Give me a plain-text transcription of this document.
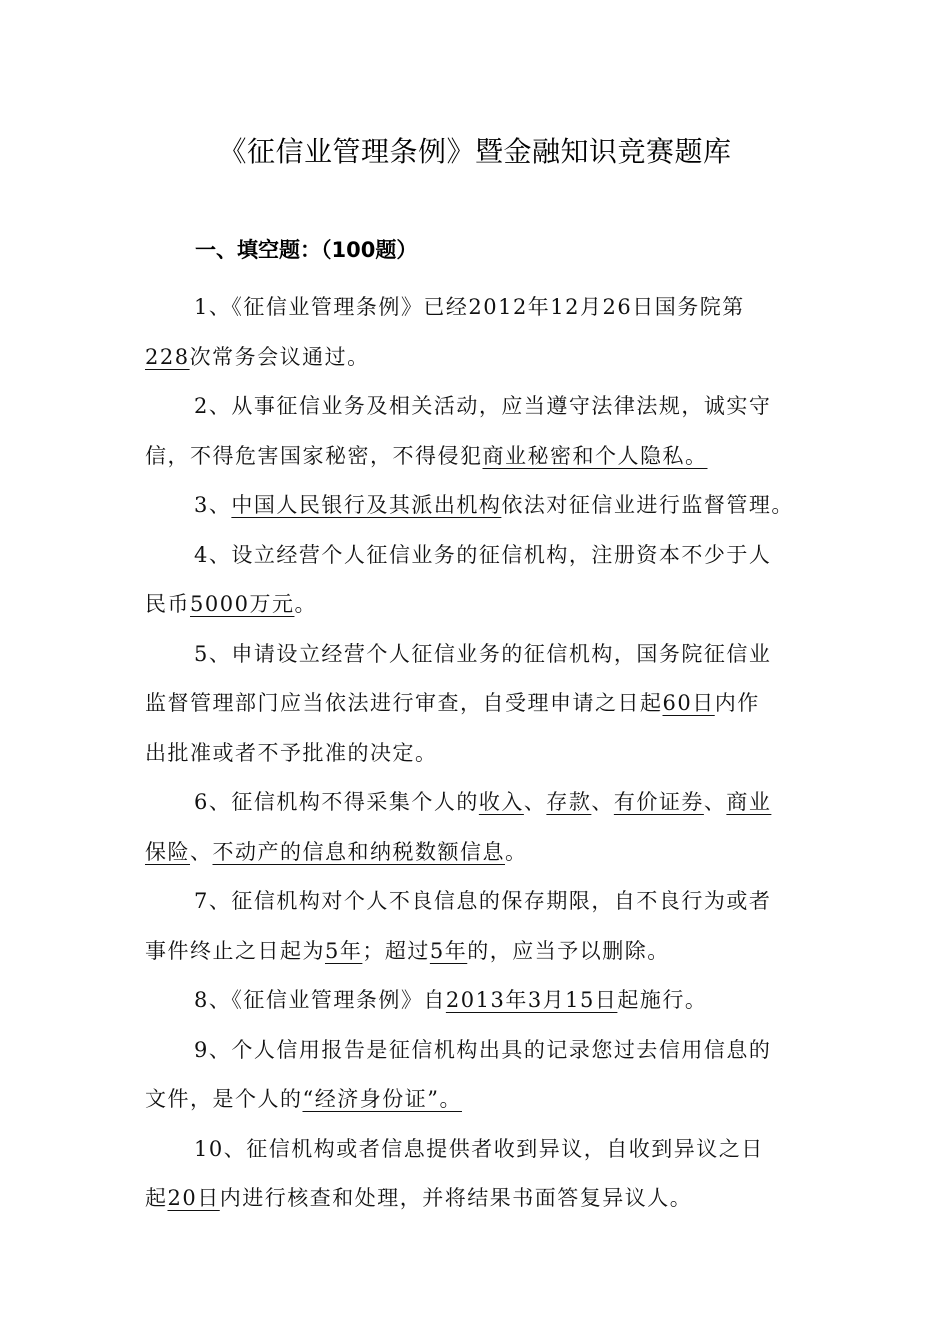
《征信业管理条例》暨金融知识竞赛题库
一、填空题：（100题）
1、《征信业管理条例》已经2012年12月26日国务院第
228次常务会议通过。
2、从事征信业务及相关活动，应当遵守法律法规，诚实守
信，不得危害国家秘密，不得侵犯商业秘密和个人隐私。
3、中国人民银行及其派出机构依法对征信业进行监督管理。
4、设立经营个人征信业务的征信机构，注册资本不少于人
民币5000万元。
5、申请设立经营个人征信业务的征信机构，国务院征信业
监督管理部门应当依法进行审查，自受理申请之日起60日内作
出批准或者不予批准的决定。
6、征信机构不得采集个人的收入、存款、有价证券、商业
保险、不动产的信息和纳税数额信息。
7、征信机构对个人不良信息的保存期限，自不良行为或者
事件终止之日起为5年；超过5年的，应当予以删除。
8、《征信业管理条例》自2013年3月15日起施行。
9、个人信用报告是征信机构出具的记录您过去信用信息的
文件，是个人的“经济身份证”。
10、征信机构或者信息提供者收到异议，自收到异议之日
起20日内进行核查和处理，并将结果书面答复异议人。
